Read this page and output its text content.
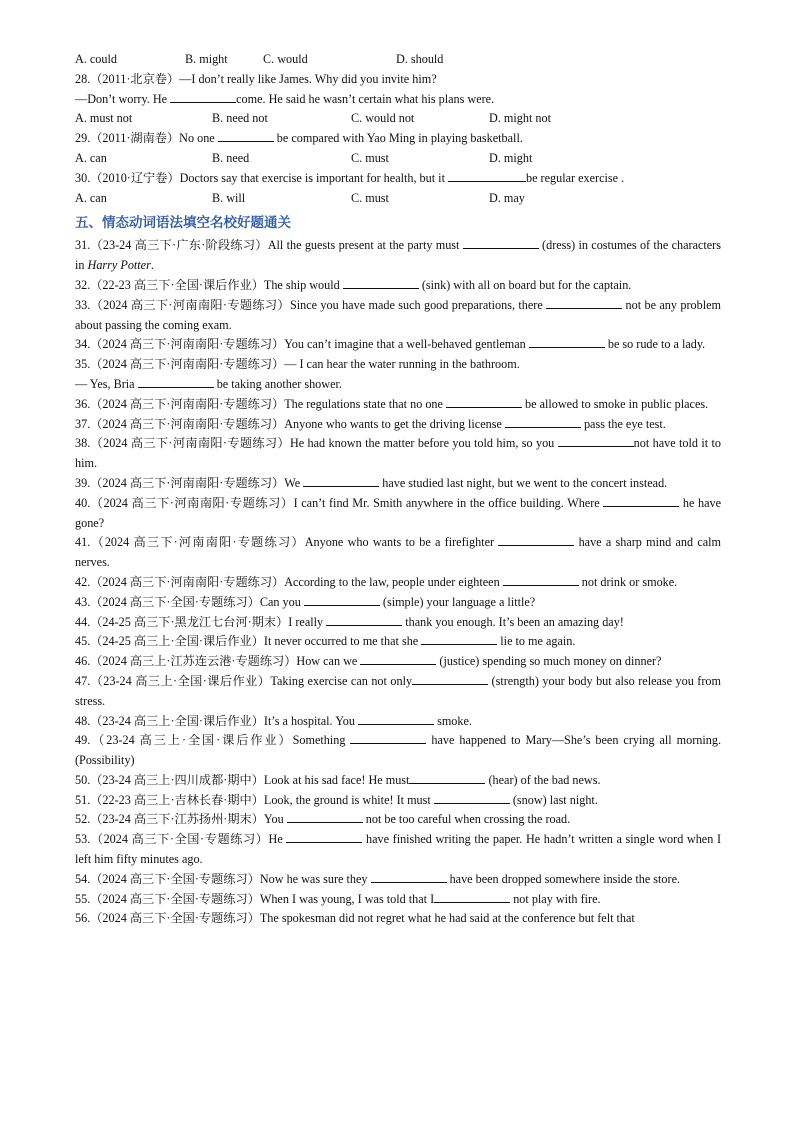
A. could	B. might	C. would	D. should
28.（2011·北京卷）—I don’t really like James. Why did you invite him?
—Don’t worry. He	come. He said he wasn’t certain what his plans were.
A. must not	B. need not	C. would not	D. might not
29.（2011·湖南卷）No one	be compared with Yao Ming in playing basketball.
A. can	B. need	C. must	D. might
30.（2010·辽宁卷）Doctors say that exercise is important for health, but it	be regular exercise .
A. can	B. will	C. must	D. may
五、情态动词语法填空名校好题通关
31.（23-24 高三下·广东·阶段练习）All the guests present at the party must	(dress) in costumes of the characters in Harry Potter.
32.（22-23 高三下·全国·课后作业）The ship would	(sink) with all on board but for the captain.
33.（2024 高三下·河南南阳·专题练习）Since you have made such good preparations, there	not be any problem about passing the coming exam.
34.（2024 高三下·河南南阳·专题练习）You can’t imagine that a well-behaved gentleman	be so rude to a lady.
35.（2024 高三下·河南南阳·专题练习）— I can hear the water running in the bathroom.
— Yes, Bria	be taking another shower.
36.（2024 高三下·河南南阳·专题练习）The regulations state that no one	be allowed to smoke in public places.
37.（2024 高三下·河南南阳·专题练习）Anyone who wants to get the driving license	pass the eye test.
38.（2024 高三下·河南南阳·专题练习）He had known the matter before you told him, so you	not have told it to him.
39.（2024 高三下·河南南阳·专题练习）We	have studied last night, but we went to the concert instead.
40.（2024 高三下·河南南阳·专题练习）I can’t find Mr. Smith anywhere in the office building. Where	he have gone?
41.（2024 高三下·河南南阳·专题练习）Anyone who wants to be a firefighter	have a sharp mind and calm nerves.
42.（2024 高三下·河南南阳·专题练习）According to the law, people under eighteen	not drink or smoke.
43.（2024 高三下·全国·专题练习）Can you	(simple) your language a little?
44.（24-25 高三下·黑龙江七台河·期末）I really	thank you enough. It’s been an amazing day!
45.（24-25 高三上·全国·课后作业）It never occurred to me that she	lie to me again.
46.（2024 高三上·江苏连云港·专题练习）How can we	(justice) spending so much money on dinner?
47.（23-24 高三上·全国·课后作业）Taking exercise can not only	(strength) your body but also release you from stress.
48.（23-24 高三上·全国·课后作业）It’s a hospital. You	smoke.
49.（23-24 高三上·全国·课后作业）Something	have happened to Mary—She’s been crying all morning. (Possibility)
50.（23-24 高三上·四川成都·期中）Look at his sad face! He must	(hear) of the bad news.
51.（22-23 高三上·吉林长春·期中）Look, the ground is white! It must	(snow) last night.
52.（23-24 高三下·江苏扬州·期末）You	not be too careful when crossing the road.
53.（2024 高三下·全国·专题练习）He	have finished writing the paper. He hadn’t written a single word when I left him fifty minutes ago.
54.（2024 高三下·全国·专题练习）Now he was sure they	have been dropped somewhere inside the store.
55.（2024 高三下·全国·专题练习）When I was young, I was told that I	not play with fire.
56.（2024 高三下·全国·专题练习）The spokesman did not regret what he had said at the conference but felt that
